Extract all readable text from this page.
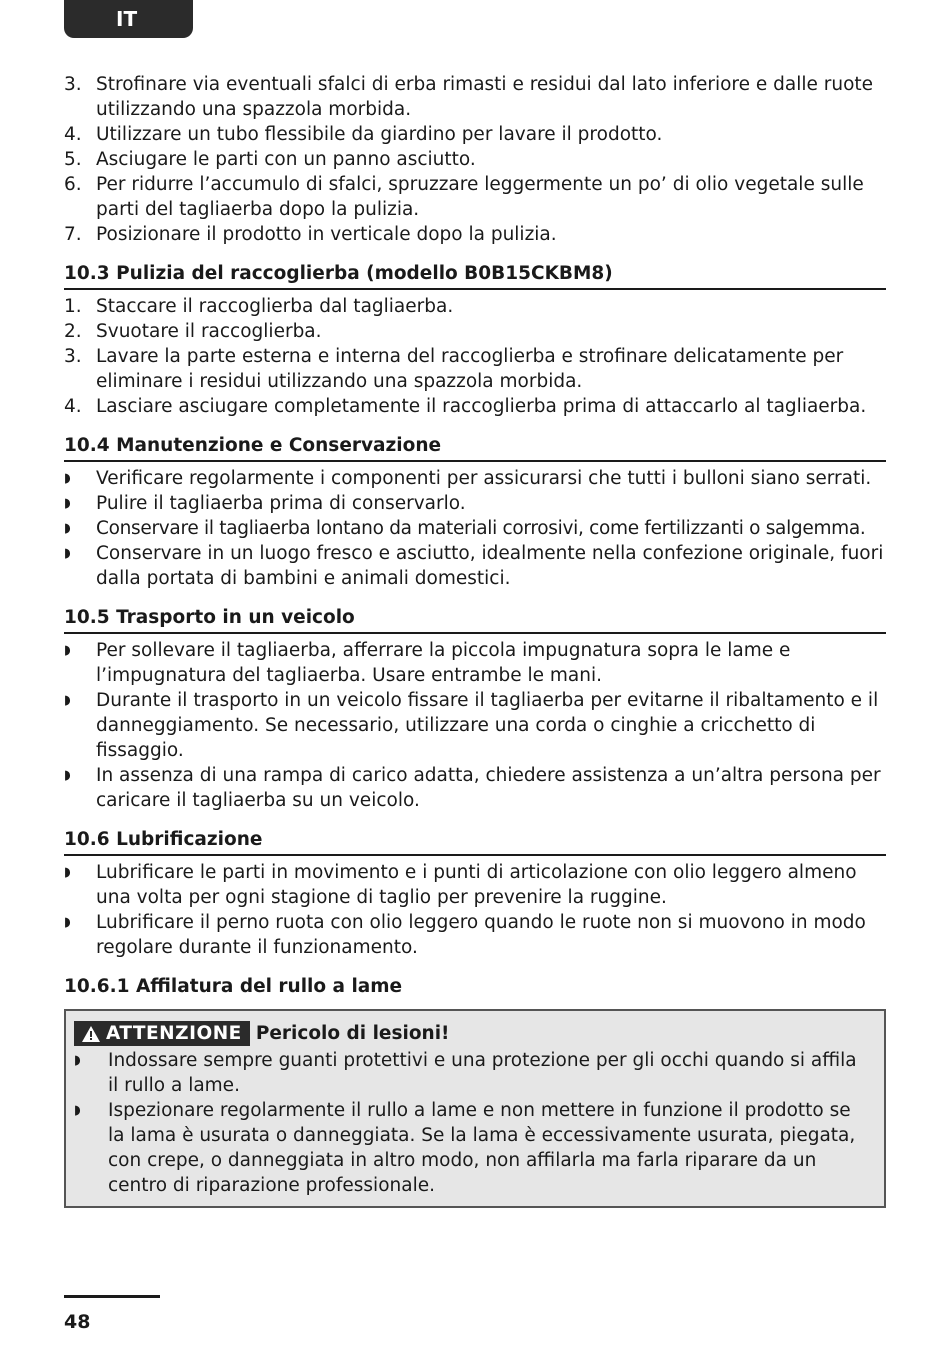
IT
3. Strofinare via eventuali sfalci di erba rimasti e residui dal lato inferiore e dalle ruote utilizzando una spazzola morbida.
4. Utilizzare un tubo flessibile da giardino per lavare il prodotto.
5. Asciugare le parti con un panno asciutto.
6. Per ridurre l’accumulo di sfalci, spruzzare leggermente un po’ di olio vegetale sulle parti del tagliaerba dopo la pulizia.
7. Posizionare il prodotto in verticale dopo la pulizia.
10.3 Pulizia del raccoglierba (modello B0B15CKBM8)
1. Staccare il raccoglierba dal tagliaerba.
2. Svuotare il raccoglierba.
3. Lavare la parte esterna e interna del raccoglierba e strofinare delicatamente per eliminare i residui utilizzando una spazzola morbida.
4. Lasciare asciugare completamente il raccoglierba prima di attaccarlo al tagliaerba.
10.4 Manutenzione e Conservazione
◗	Verificare regolarmente i componenti per assicurarsi che tutti i bulloni siano serrati.
◗	Pulire il tagliaerba prima di conservarlo.
◗	Conservare il tagliaerba lontano da materiali corrosivi, come fertilizzanti o salgemma.
◗	Conservare in un luogo fresco e asciutto, idealmente nella confezione originale, fuori dalla portata di bambini e animali domestici.
10.5 Trasporto in un veicolo
◗	Per sollevare il tagliaerba, afferrare la piccola impugnatura sopra le lame e l’impugnatura del tagliaerba. Usare entrambe le mani.
◗	Durante il trasporto in un veicolo fissare il tagliaerba per evitarne il ribaltamento e il danneggiamento. Se necessario, utilizzare una corda o cinghie a cricchetto di fissaggio.
◗	In assenza di una rampa di carico adatta, chiedere assistenza a un’altra persona per caricare il tagliaerba su un veicolo.
10.6 Lubrificazione
◗	Lubrificare le parti in movimento e i punti di articolazione con olio leggero almeno una volta per ogni stagione di taglio per prevenire la ruggine.
◗	Lubrificare il perno ruota con olio leggero quando le ruote non si muovono in modo regolare durante il funzionamento.
10.6.1 Affilatura del rullo a lame
ATTENZIONE Pericolo di lesioni!
◗	Indossare sempre guanti protettivi e una protezione per gli occhi quando si affila il rullo a lame.
◗	Ispezionare regolarmente il rullo a lame e non mettere in funzione il prodotto se la lama è usurata o danneggiata. Se la lama è eccessivamente usurata, piegata, con crepe, o danneggiata in altro modo, non affilarla ma farla riparare da un centro di riparazione professionale.
48
